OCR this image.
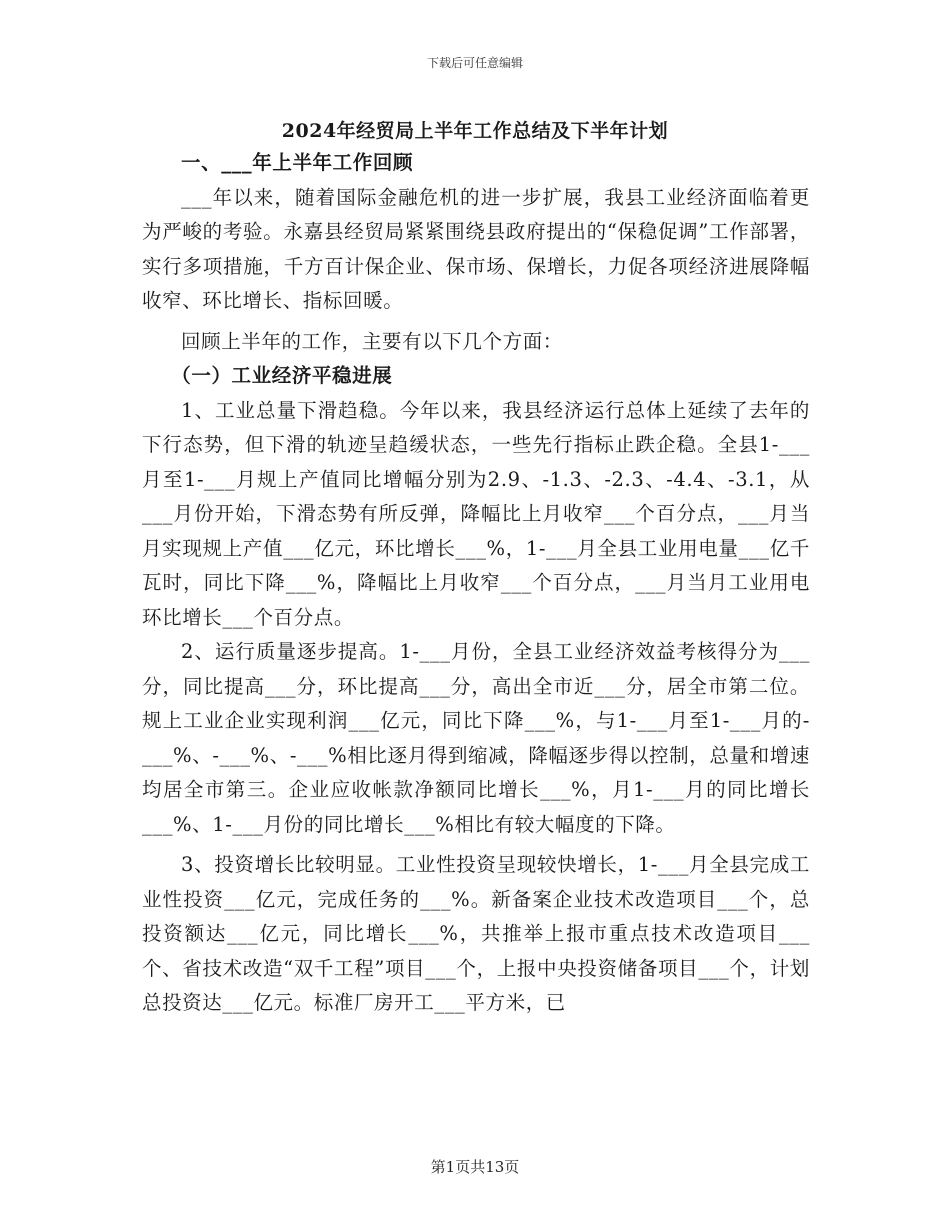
下载后可任意编辑
2024年经贸局上半年工作总结及下半年计划

一、___年上半年工作回顾

___年以来，随着国际金融危机的进一步扩展，我县工业经济面临着更为严峻的考验。永嘉县经贸局紧紧围绕县政府提出的“保稳促调”工作部署，实行多项措施，千方百计保企业、保市场、保增长，力促各项经济进展降幅收窄、环比增长、指标回暖。

回顾上半年的工作，主要有以下几个方面：

（一）工业经济平稳进展

1、工业总量下滑趋稳。今年以来，我县经济运行总体上延续了去年的下行态势，但下滑的轨迹呈趋缓状态，一些先行指标止跌企稳。全县1-___月至1-___月规上产值同比增幅分别为2.9、-1.3、-2.3、-4.4、-3.1，从___月份开始，下滑态势有所反弹，降幅比上月收窄___个百分点，___月当月实现规上产值___亿元，环比增长___%，1-___月全县工业用电量___亿千瓦时，同比下降___%，降幅比上月收窄___个百分点，___月当月工业用电环比增长___个百分点。

2、运行质量逐步提高。1-___月份，全县工业经济效益考核得分为___分，同比提高___分，环比提高___分，高出全市近___分，居全市第二位。规上工业企业实现利润___亿元，同比下降___%，与1-___月至1-___月的-___%、-___%、-___%相比逐月得到缩减，降幅逐步得以控制，总量和增速均居全市第三。企业应收帐款净额同比增长___%，月1-___月的同比增长___%、1-___月份的同比增长___%相比有较大幅度的下降。

3、投资增长比较明显。工业性投资呈现较快增长，1-___月全县完成工业性投资___亿元，完成任务的___%。新备案企业技术改造项目___个，总投资额达___亿元，同比增长___%，共推举上报市重点技术改造项目___个、省技术改造“双千工程”项目___个，上报中央投资储备项目___个，计划总投资达___亿元。标准厂房开工___平方米，已

第1页共13页
